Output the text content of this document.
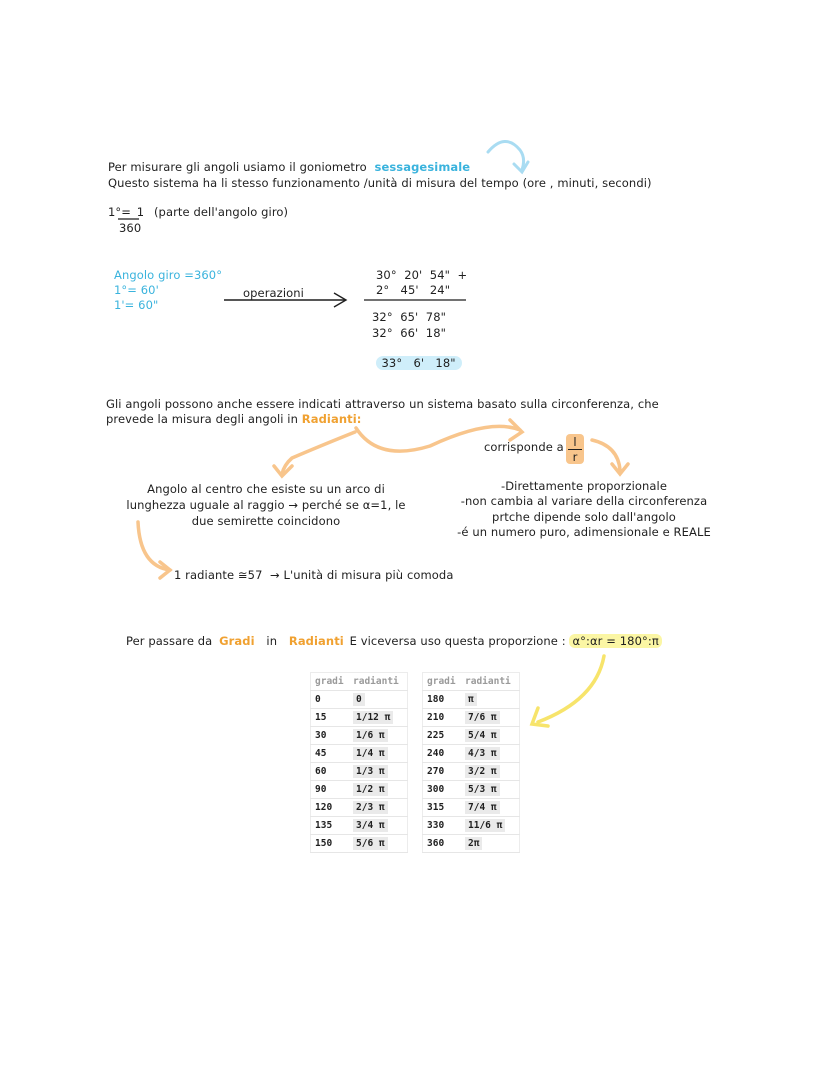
Per misurare gli angoli usiamo il goniometro sessagesimale
Questo sistema ha li stesso funzionamento /unità di misura del tempo (ore , minuti, secondi)
1°= 1 (parte dell'angolo giro)
360
Angolo giro =360°
1°= 60'
1'= 60"
operazioni
30°  20'  54"  +
2°   45'   24"
32°  65'  78"
32°  66'  18"

33°   6'   18"

Gli angoli possono anche essere indicati attraverso un sistema basato sulla circonferenza, che
prevede la misura degli angoli in Radianti:
corrisponde a l
r
Angolo al centro che esiste su un arco di
lunghezza uguale al raggio → perché se α=1, le
due semirette coincidono
-Direttamente proporzionale
-non cambia al variare della circonferenza
prtche dipende solo dall'angolo
-é un numero puro, adimensionale e REALE
1 radiante ≅57  → L'unità di misura più comoda
Per passare da Gradi in Radianti E viceversa uso questa proporzione : α°:αr = 180°:π
gradi	radianti
0	0
15	1/12 π
30	1/6 π
45	1/4 π
60	1/3 π
90	1/2 π
120	2/3 π
135	3/4 π
150	5/6 π
gradi	radianti
180	π
210	7/6 π
225	5/4 π
240	4/3 π
270	3/2 π
300	5/3 π
315	7/4 π
330	11/6 π
360	2π
